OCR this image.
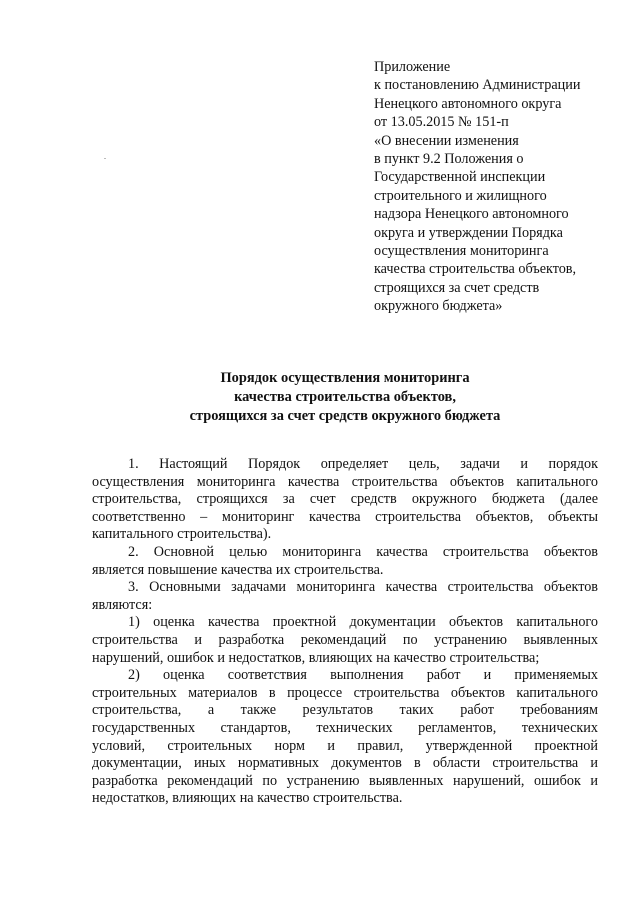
Приложение
к постановлению Администрации
Ненецкого автономного округа
от 13.05.2015 № 151-п
«О внесении изменения
в пункт 9.2 Положения о
Государственной инспекции
строительного и жилищного
надзора Ненецкого автономного
округа и утверждении Порядка
осуществления мониторинга
качества строительства объектов,
строящихся за счет средств
окружного бюджета»
Порядок осуществления мониторинга
качества строительства объектов,
строящихся за счет средств окружного бюджета
1. Настоящий Порядок определяет цель, задачи и порядок
осуществления мониторинга качества строительства объектов капитального
строительства, строящихся за счет средств окружного бюджета (далее
соответственно – мониторинг качества строительства объектов, объекты
капитального строительства).
2. Основной целью мониторинга качества строительства объектов
является повышение качества их строительства.
3. Основными задачами мониторинга качества строительства объектов
являются:
1) оценка качества проектной документации объектов капитального
строительства и разработка рекомендаций по устранению выявленных
нарушений, ошибок и недостатков, влияющих на качество строительства;
2) оценка соответствия выполнения работ и применяемых
строительных материалов в процессе строительства объектов капитального
строительства, а также результатов таких работ требованиям
государственных стандартов, технических регламентов, технических
условий, строительных норм и правил, утвержденной проектной
документации, иных нормативных документов в области строительства и
разработка рекомендаций по устранению выявленных нарушений, ошибок и
недостатков, влияющих на качество строительства.
